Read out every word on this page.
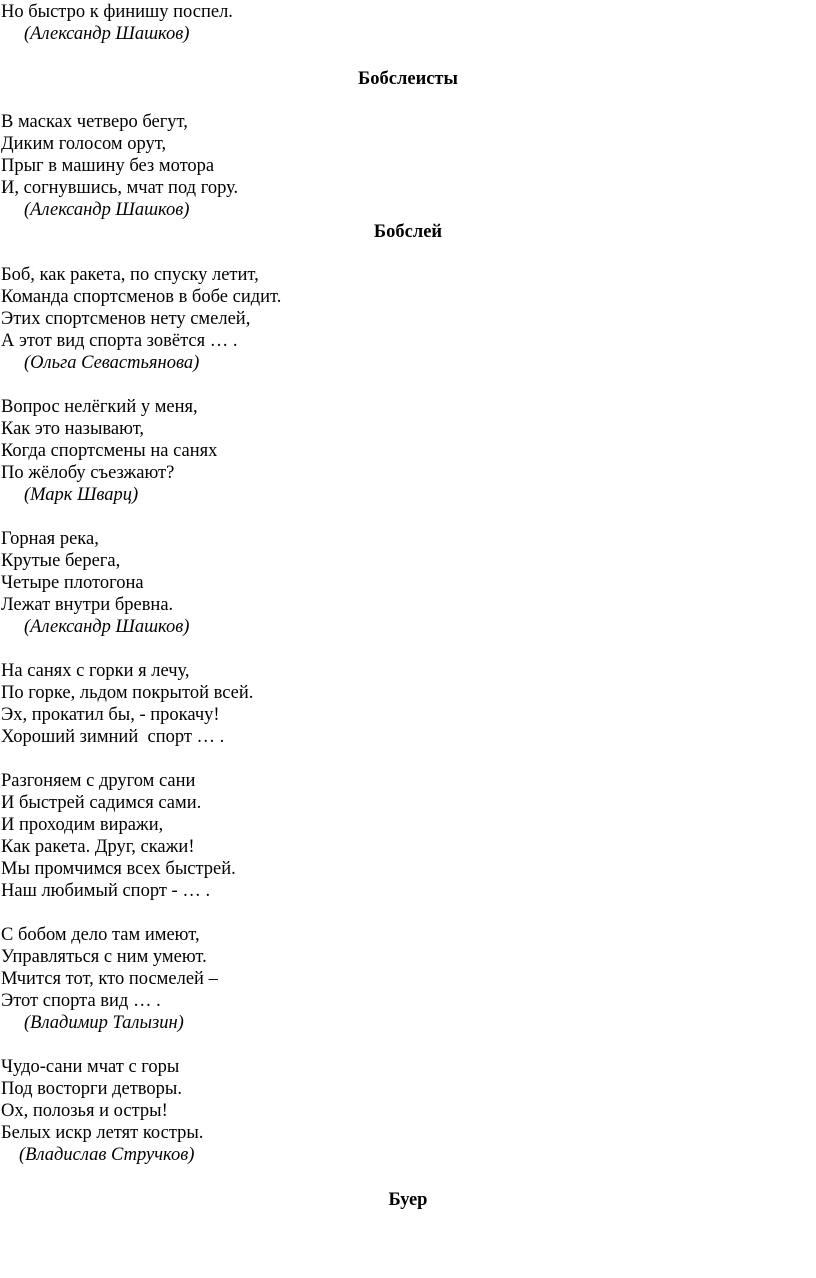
Но быстро к финишу поспел.
(Александр Шашков)
Бобслеисты
В масках четверо бегут,
Диким голосом орут,
Прыг в машину без мотора
И, согнувшись, мчат под гору.
(Александр Шашков)
Бобслей
Боб, как ракета, по спуску летит,
Команда спортсменов в бобе сидит.
Этих спортсменов нету смелей,
А этот вид спорта зовётся … .
(Ольга Севастьянова)
Вопрос нелёгкий у меня,
Как это называют,
Когда спортсмены на санях
По жёлобу съезжают?
(Марк Шварц)
Горная река,
Крутые берега,
Четыре плотогона
Лежат внутри бревна.
(Александр Шашков)
На санях с горки я лечу,
По горке, льдом покрытой всей.
Эх, прокатил бы, - прокачу!
Хороший зимний  спорт … .
Разгоняем с другом сани
И быстрей садимся сами.
И проходим виражи,
Как ракета. Друг, скажи!
Мы промчимся всех быстрей.
Наш любимый спорт - … .
С бобом дело там имеют,
Управляться с ним умеют.
Мчится тот, кто посмелей –
Этот спорта вид … .
(Владимир Талызин)
Чудо-сани мчат с горы
Под восторги детворы.
Ох, полозья и остры!
Белых искр летят костры.
(Владислав Стручков)
Буер
